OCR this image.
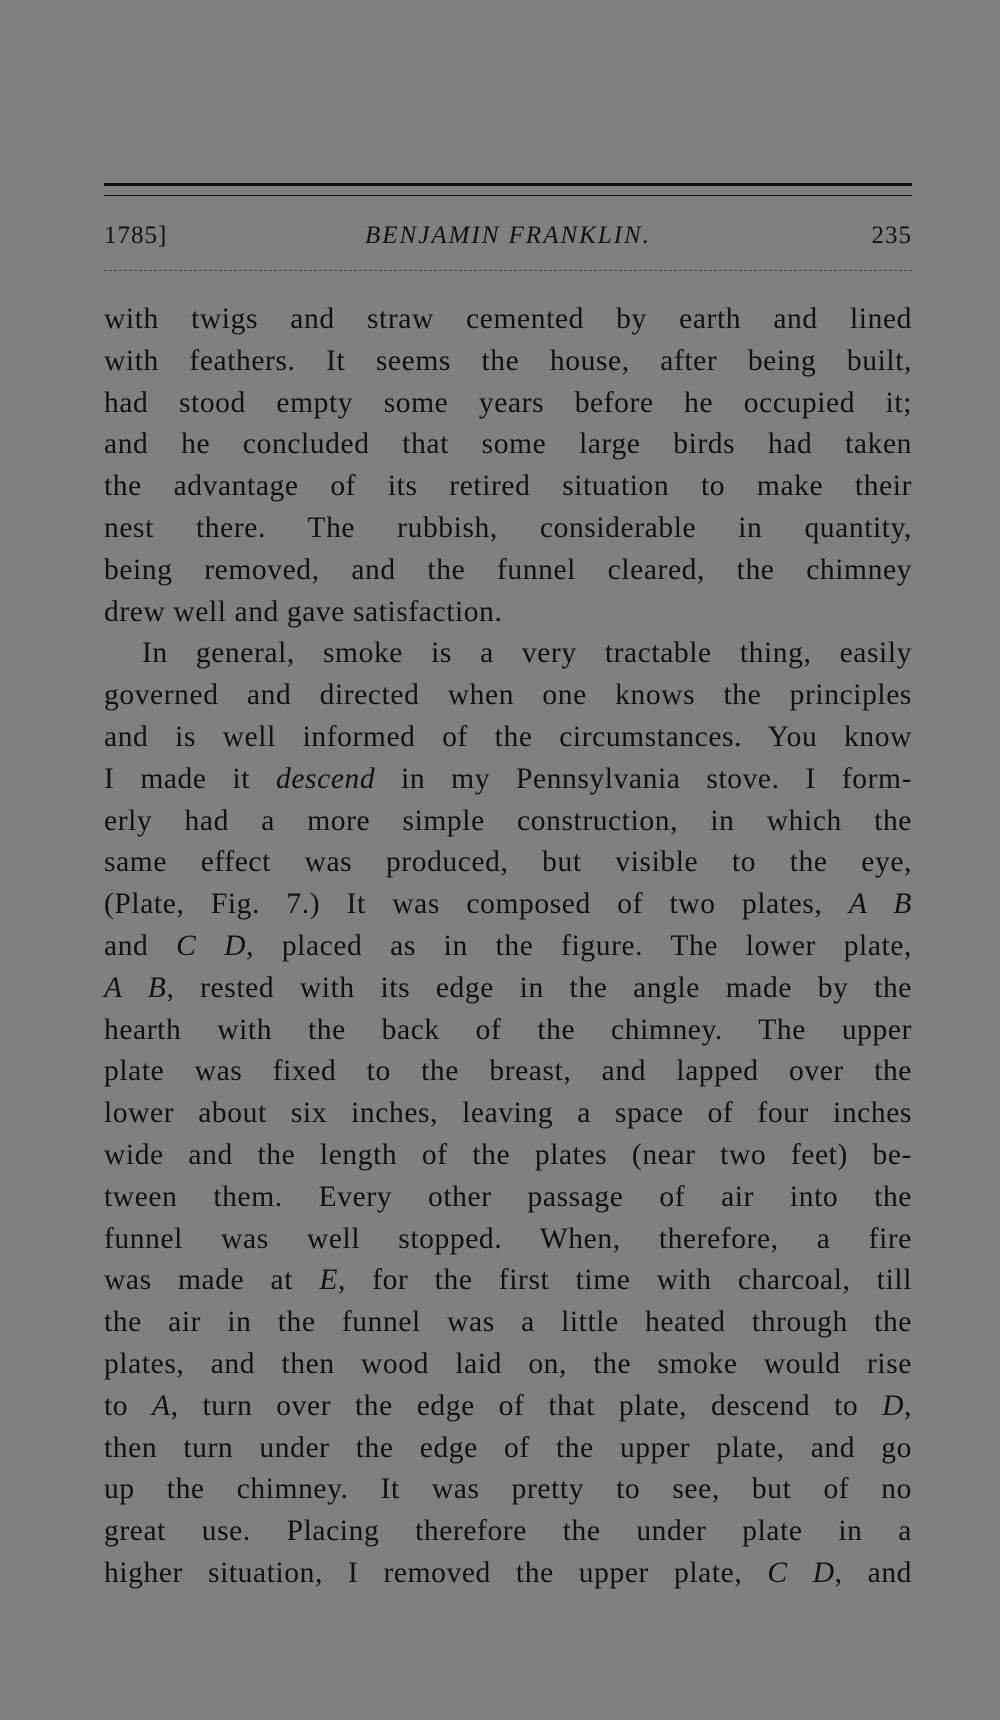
1785]	BENJAMIN FRANKLIN.	235
with twigs and straw cemented by earth and lined
with feathers. It seems the house, after being built,
had stood empty some years before he occupied it;
and he concluded that some large birds had taken
the advantage of its retired situation to make their
nest there. The rubbish, considerable in quantity,
being removed, and the funnel cleared, the chimney
drew well and gave satisfaction.
In general, smoke is a very tractable thing, easily
governed and directed when one knows the principles
and is well informed of the circumstances. You know
I made it descend in my Pennsylvania stove. I form-
erly had a more simple construction, in which the
same effect was produced, but visible to the eye,
(Plate, Fig. 7.) It was composed of two plates, A B
and C D, placed as in the figure. The lower plate,
A B, rested with its edge in the angle made by the
hearth with the back of the chimney. The upper
plate was fixed to the breast, and lapped over the
lower about six inches, leaving a space of four inches
wide and the length of the plates (near two feet) be-
tween them. Every other passage of air into the
funnel was well stopped. When, therefore, a fire
was made at E, for the first time with charcoal, till
the air in the funnel was a little heated through the
plates, and then wood laid on, the smoke would rise
to A, turn over the edge of that plate, descend to D,
then turn under the edge of the upper plate, and go
up the chimney. It was pretty to see, but of no
great use. Placing therefore the under plate in a
higher situation, I removed the upper plate, C D, and
